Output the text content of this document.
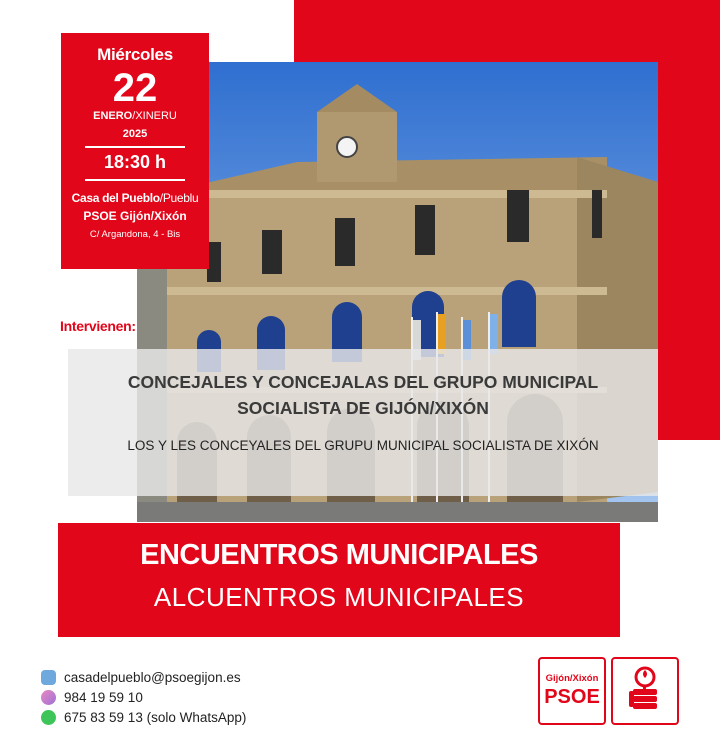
Miércoles
22
ENERO/XINERU
2025
18:30 h
Casa del Pueblo/Pueblu
PSOE Gijón/Xixón
C/ Argandona, 4 - Bis
Intervienen:
CONCEJALES Y CONCEJALAS DEL GRUPO MUNICIPAL
SOCIALISTA DE GIJÓN/XIXÓN
LOS Y LES CONCEYALES DEL GRUPU MUNICIPAL SOCIALISTA DE XIXÓN
ENCUENTROS MUNICIPALES
ALCUENTROS MUNICIPALES
casadelpueblo@psoegijon.es
984 19 59 10
675 83 59 13 (solo WhatsApp)
Gijón/Xixón
PSOE
